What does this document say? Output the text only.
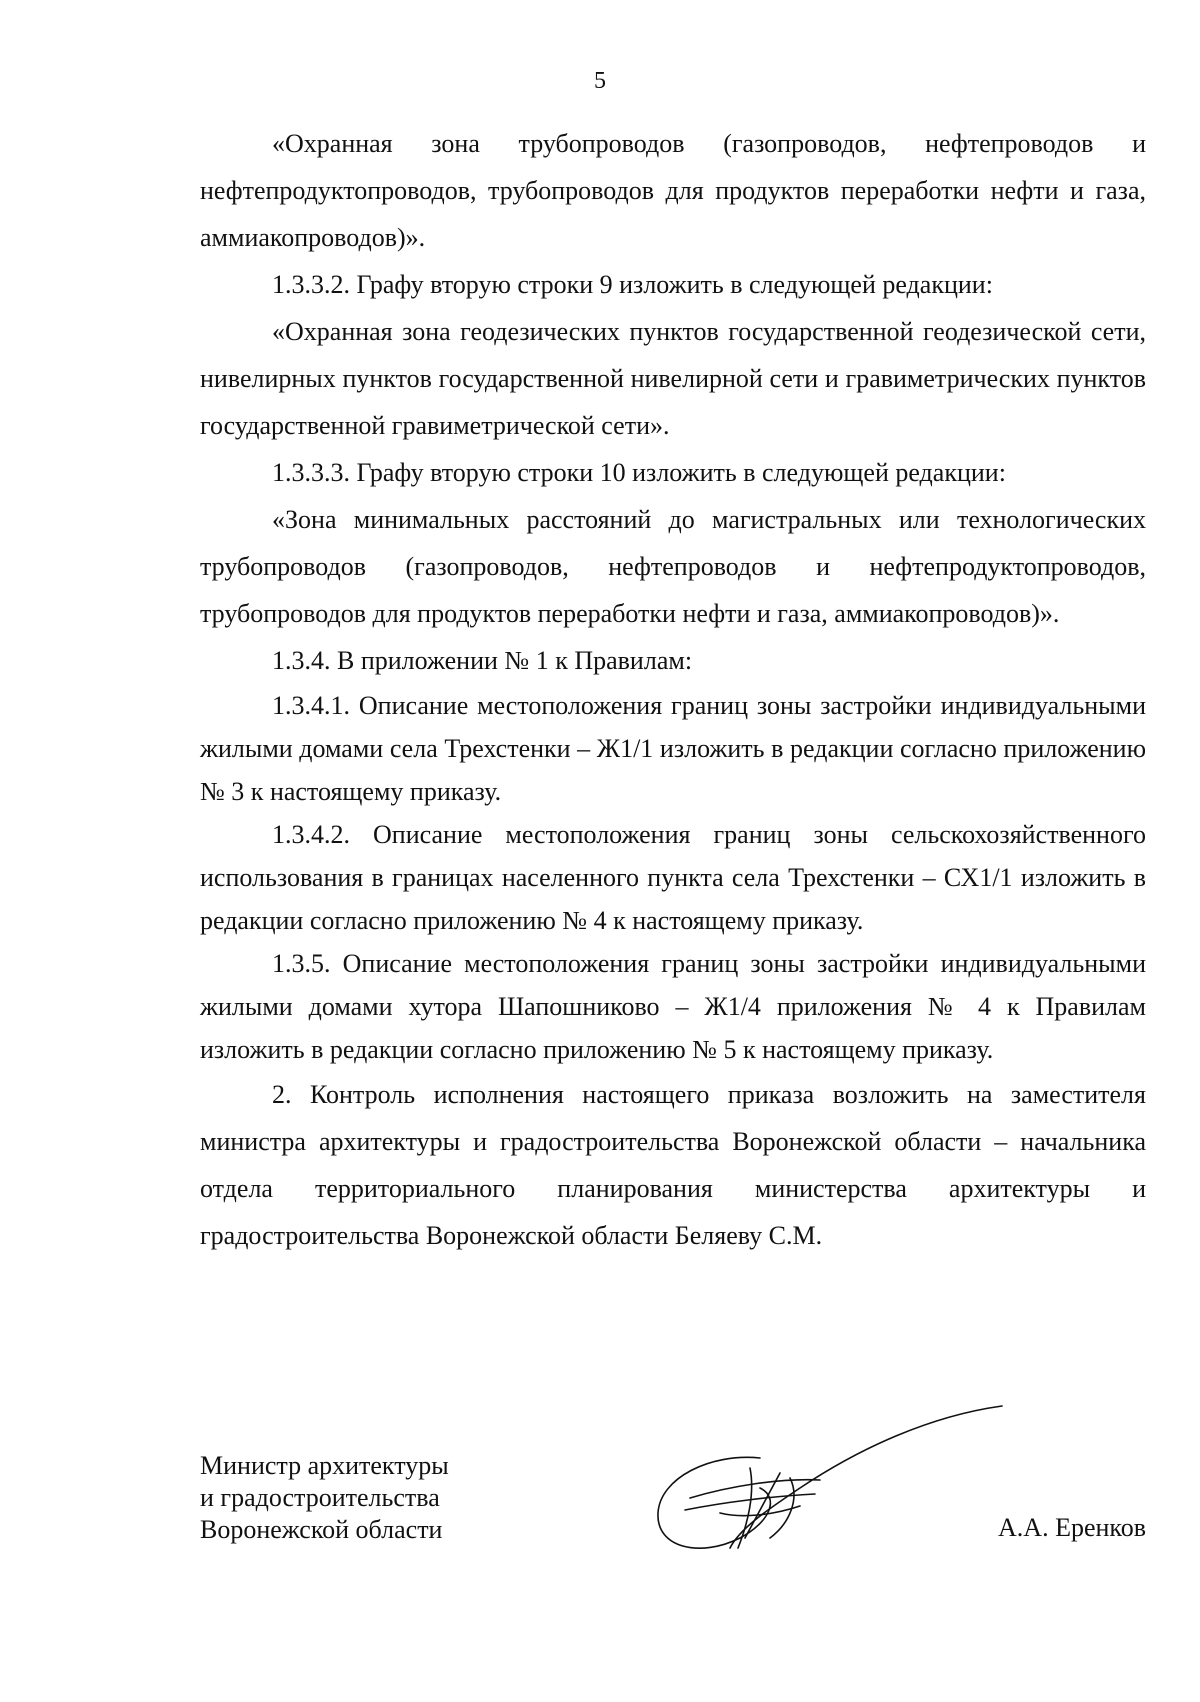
5

«Охранная зона трубопроводов (газопроводов, нефтепроводов и нефтепродуктопроводов, трубопроводов для продуктов переработки нефти и газа, аммиакопроводов)».

1.3.3.2. Графу вторую строки 9 изложить в следующей редакции:

«Охранная зона геодезических пунктов государственной геодезической сети, нивелирных пунктов государственной нивелирной сети и гравиметрических пунктов государственной гравиметрической сети».

1.3.3.3. Графу вторую строки 10 изложить в следующей редакции:

«Зона минимальных расстояний до магистральных или технологических трубопроводов (газопроводов, нефтепроводов и нефтепродуктопроводов, трубопроводов для продуктов переработки нефти и газа, аммиакопроводов)».

1.3.4. В приложении № 1 к Правилам:

1.3.4.1. Описание местоположения границ зоны застройки индивидуальными жилыми домами села Трехстенки – Ж1/1 изложить в редакции согласно приложению № 3 к настоящему приказу.

1.3.4.2. Описание местоположения границ зоны сельскохозяйственного использования в границах населенного пункта села Трехстенки – СХ1/1 изложить в редакции согласно приложению № 4 к настоящему приказу.

1.3.5. Описание местоположения границ зоны застройки индивидуальными жилыми домами хутора Шапошниково – Ж1/4 приложения № 4 к Правилам изложить в редакции согласно приложению № 5 к настоящему приказу.

2. Контроль исполнения настоящего приказа возложить на заместителя министра архитектуры и градостроительства Воронежской области – начальника отдела территориального планирования министерства архитектуры и градостроительства Воронежской области Беляеву С.М.

Министр архитектуры
и градостроительства
Воронежской области	А.А. Еренков
